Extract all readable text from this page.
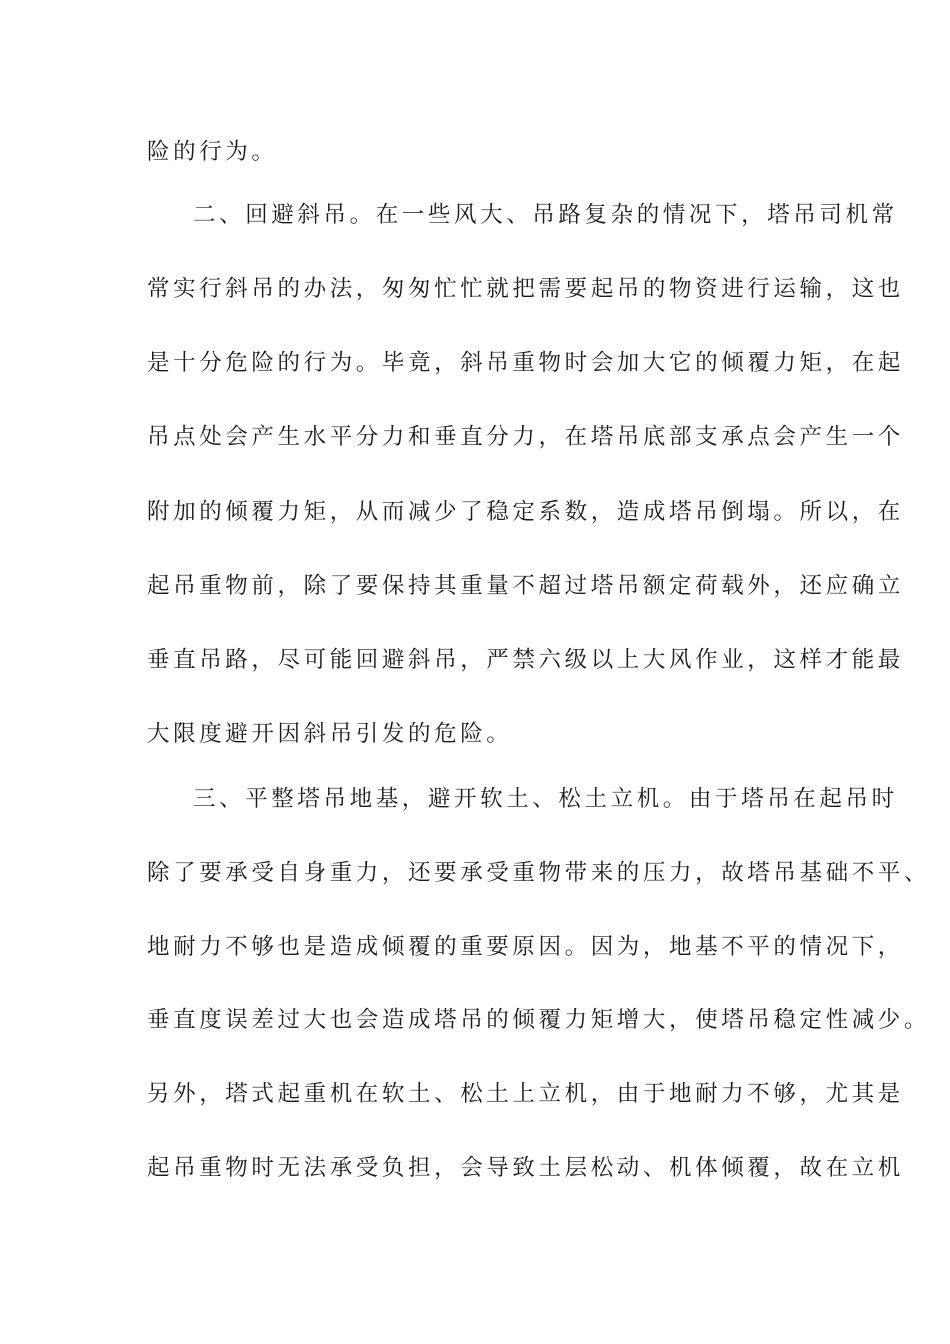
险的行为。
二、回避斜吊。在一些风大、吊路复杂的情况下，塔吊司机常
常实行斜吊的办法，匆匆忙忙就把需要起吊的物资进行运输，这也
是十分危险的行为。毕竟，斜吊重物时会加大它的倾覆力矩，在起
吊点处会产生水平分力和垂直分力，在塔吊底部支承点会产生一个
附加的倾覆力矩，从而减少了稳定系数，造成塔吊倒塌。所以，在
起吊重物前，除了要保持其重量不超过塔吊额定荷载外，还应确立
垂直吊路，尽可能回避斜吊，严禁六级以上大风作业，这样才能最
大限度避开因斜吊引发的危险。
三、平整塔吊地基，避开软土、松土立机。由于塔吊在起吊时
除了要承受自身重力，还要承受重物带来的压力，故塔吊基础不平、
地耐力不够也是造成倾覆的重要原因。因为，地基不平的情况下，
垂直度误差过大也会造成塔吊的倾覆力矩增大，使塔吊稳定性减少。
另外，塔式起重机在软土、松土上立机，由于地耐力不够，尤其是
起吊重物时无法承受负担，会导致土层松动、机体倾覆，故在立机
